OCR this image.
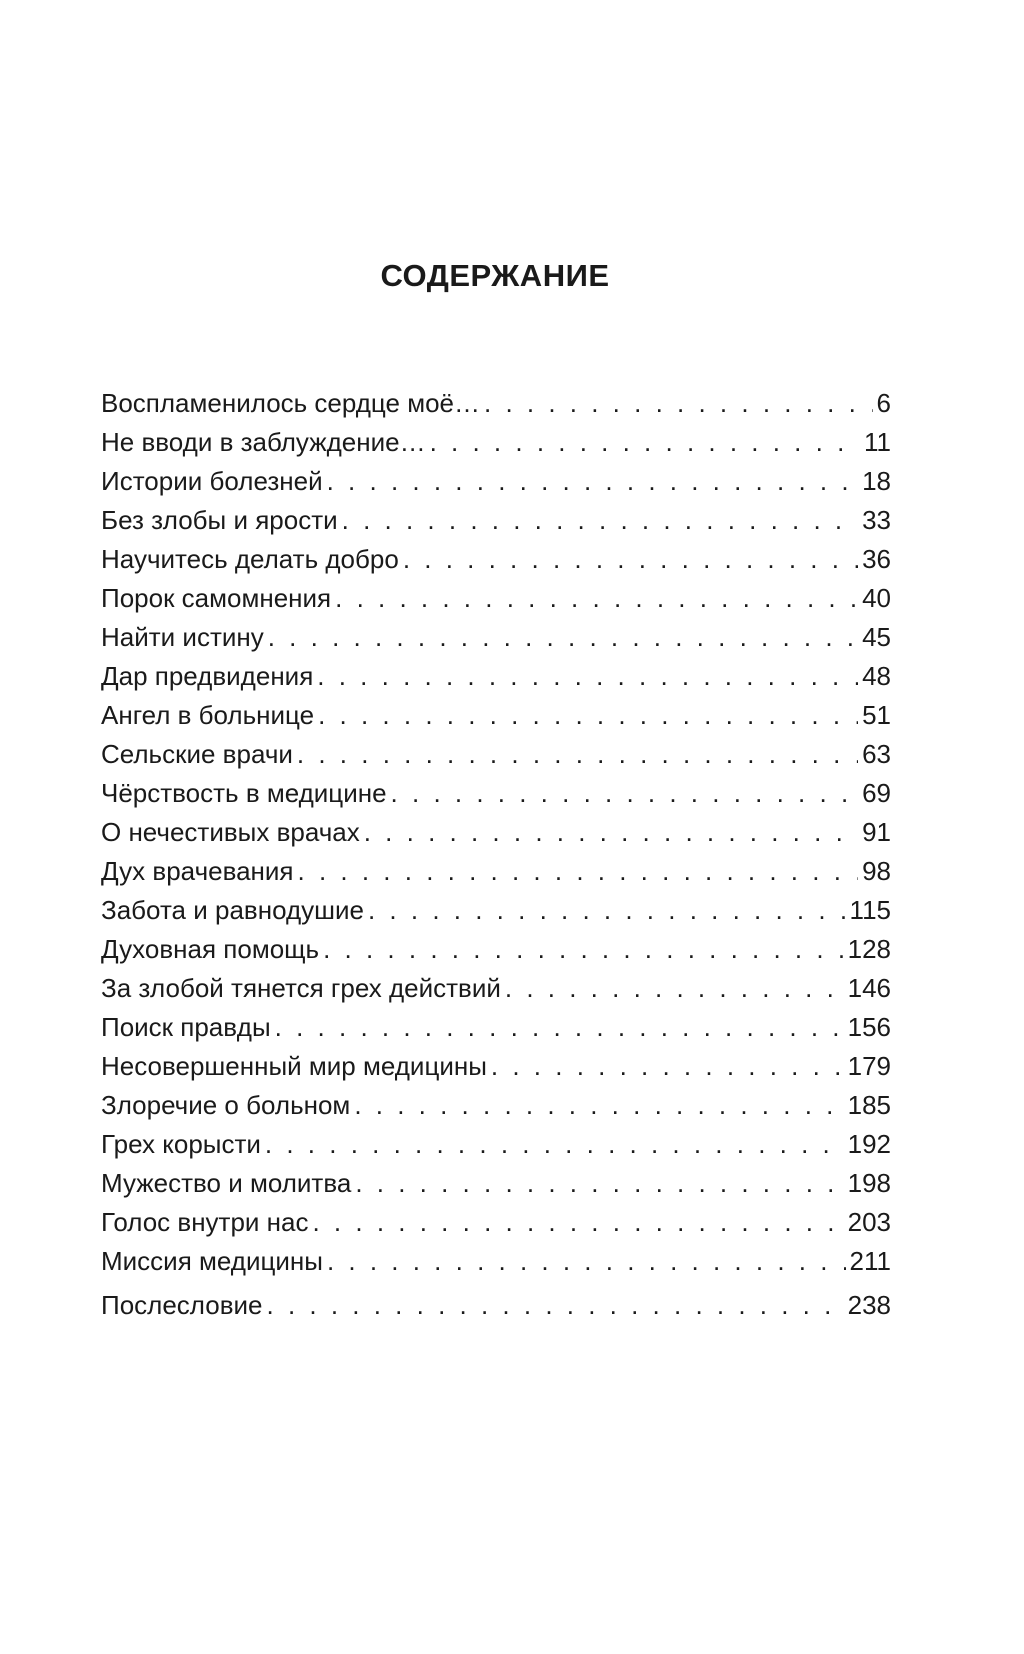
СОДЕРЖАНИЕ
Воспламенилось сердце моё… . . .	6
Не вводи в заблуждение… . . .	11
Истории болезней . . .	18
Без злобы и ярости . . .	33
Научитесь делать добро . . .	36
Порок самомнения . . .	40
Найти истину . . .	45
Дар предвидения . . .	48
Ангел в больнице . . .	51
Сельские врачи . . .	63
Чёрствость в медицине . . .	69
О нечестивых врачах . . .	91
Дух врачевания . . .	98
Забота и равнодушие . . .	115
Духовная помощь . . .	128
За злобой тянется грех действий . . .	146
Поиск правды . . .	156
Несовершенный мир медицины . . .	179
Злоречие о больном . . .	185
Грех корысти . . .	192
Мужество и молитва . . .	198
Голос внутри нас . . .	203
Миссия медицины . . .	211
Послесловие . . .	238
